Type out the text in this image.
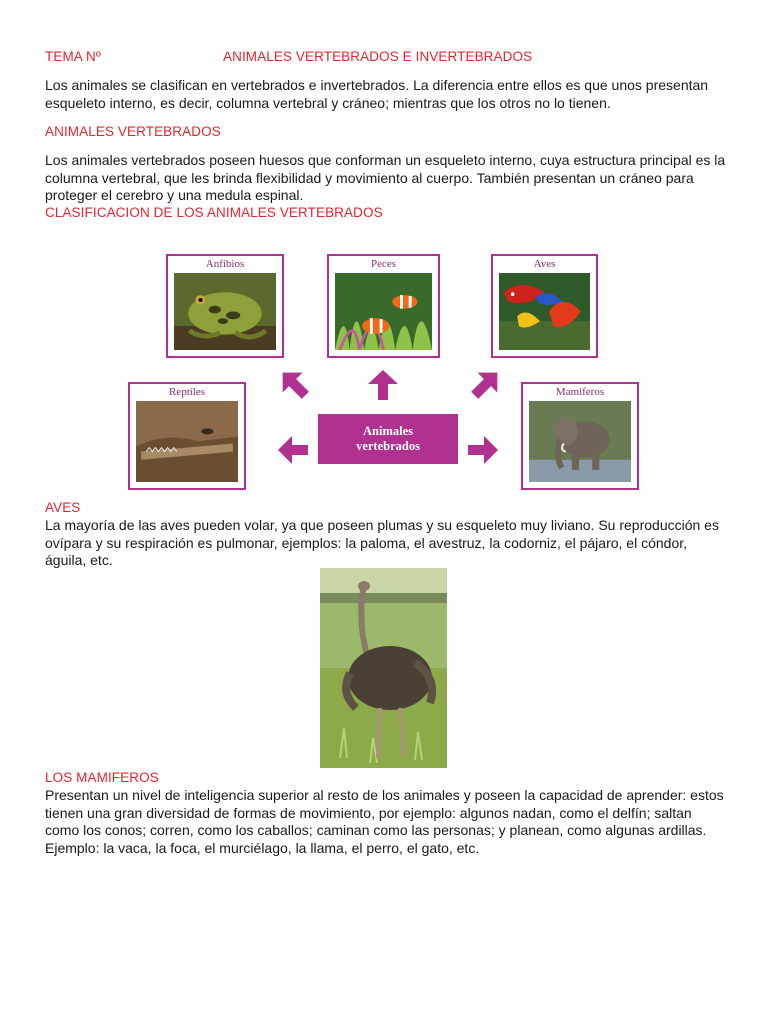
TEMA Nº	ANIMALES VERTEBRADOS E INVERTEBRADOS
Los animales se clasifican en vertebrados e invertebrados. La diferencia entre ellos es que unos presentan
esqueleto interno, es decir, columna vertebral y cráneo; mientras que los otros no lo tienen.
ANIMALES VERTEBRADOS
Los animales vertebrados poseen huesos que conforman un esqueleto interno, cuya estructura principal es la
columna vertebral, que les brinda flexibilidad y movimiento al cuerpo. También presentan un cráneo para
proteger el cerebro y una medula espinal.
CLASIFICACION DE LOS ANIMALES VERTEBRADOS
Anfibios	Peces	Aves
Reptiles	Mamiferos
Animales
vertebrados
AVES
La mayoría de las aves pueden volar, ya que poseen plumas y su esqueleto muy liviano. Su reproducción es
ovípara y su respiración es pulmonar, ejemplos: la paloma, el avestruz, la codorniz, el pájaro, el cóndor,
águila, etc.
LOS MAMIFEROS
Presentan un nivel de inteligencia superior al resto de los animales y poseen la capacidad de aprender: estos
tienen una gran diversidad de formas de movimiento, por ejemplo: algunos nadan, como el delfín; saltan
como los conos; corren, como los caballos; caminan como las personas; y planean, como algunas ardillas.
Ejemplo: la vaca, la foca, el murciélago, la llama, el perro, el gato, etc.
